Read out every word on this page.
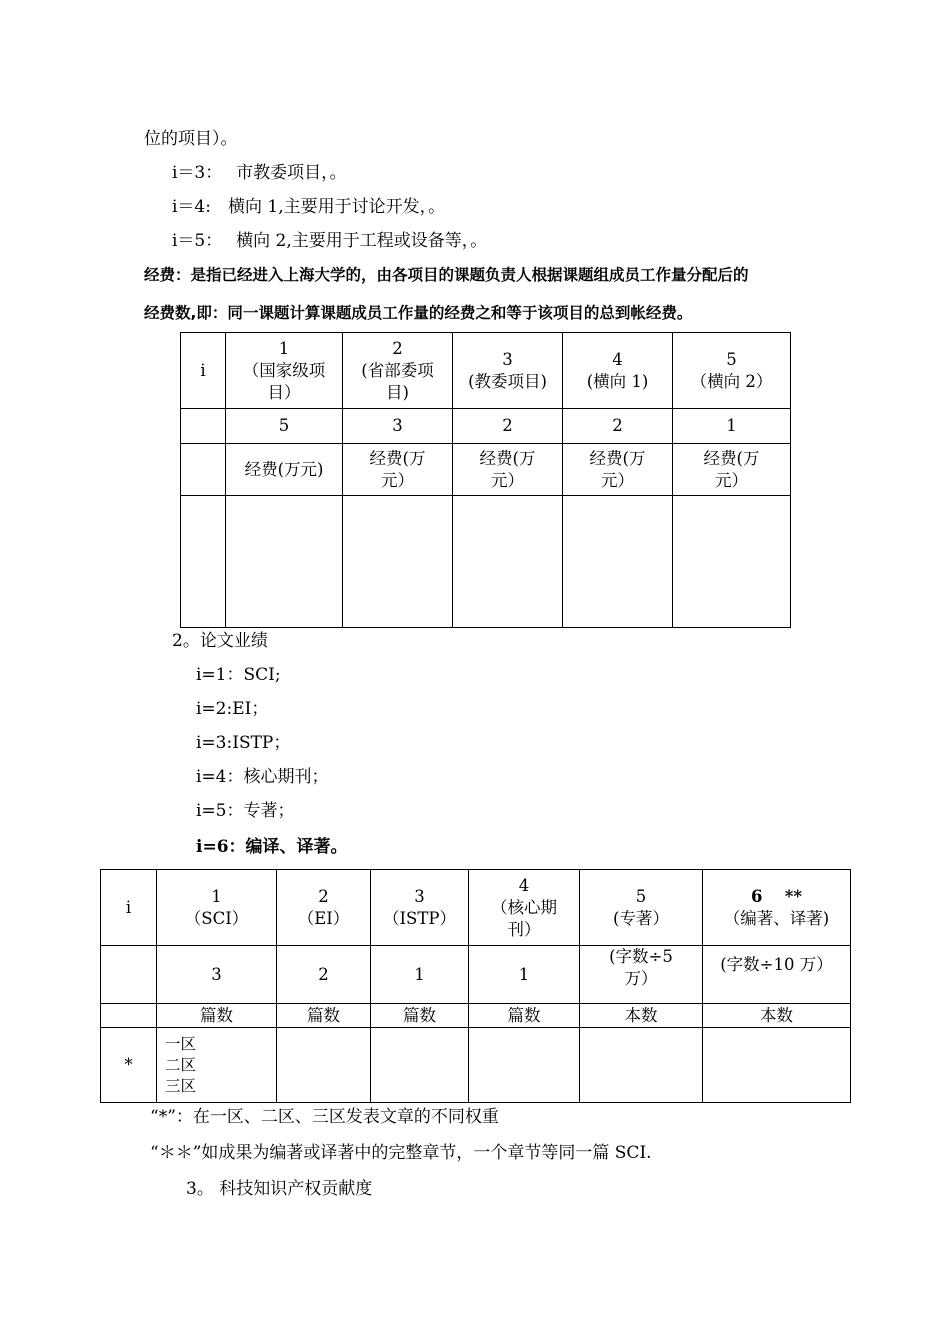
位的项目）。
i＝3：　 市教委项目，。
i＝4:　横向 1,主要用于讨论开发，。
i＝5：　 横向 2,主要用于工程或设备等，。
经费：是指已经进入上海大学的，由各项目的课题负责人根据课题组成员工作量分配后的
经费数,即：同一课题计算课题成员工作量的经费之和等于该项目的总到帐经费。
i	1
（国家级项
目）	2
(省部委项
目)	3
(教委项目)	4
(横向 1)	5
（横向 2）

	5	3	2	2	1

	经费(万元)	经费(万
元）	经费(万
元）	经费(万
元）	经费(万
元）

2。论文业绩
i=1：SCI;
i=2:EI；
i=3:ISTP；
i=4：核心期刊；
i=5：专著；
i=6：编译、译著。
i	1
（SCI）	2
（EI）	3
（ISTP）	4
（核心期
刊）	5
(专著）	6 　**
（编著、译著)

	3	2	1	1	(字数÷5
万）	(字数÷10 万）

	篇数	篇数	篇数	篇数	本数	本数
*	一区
二区
三区					

“*”：在一区、二区、三区发表文章的不同权重
“＊＊”如成果为编著或译著中的完整章节，一个章节等同一篇 SCI.
3。 科技知识产权贡献度
